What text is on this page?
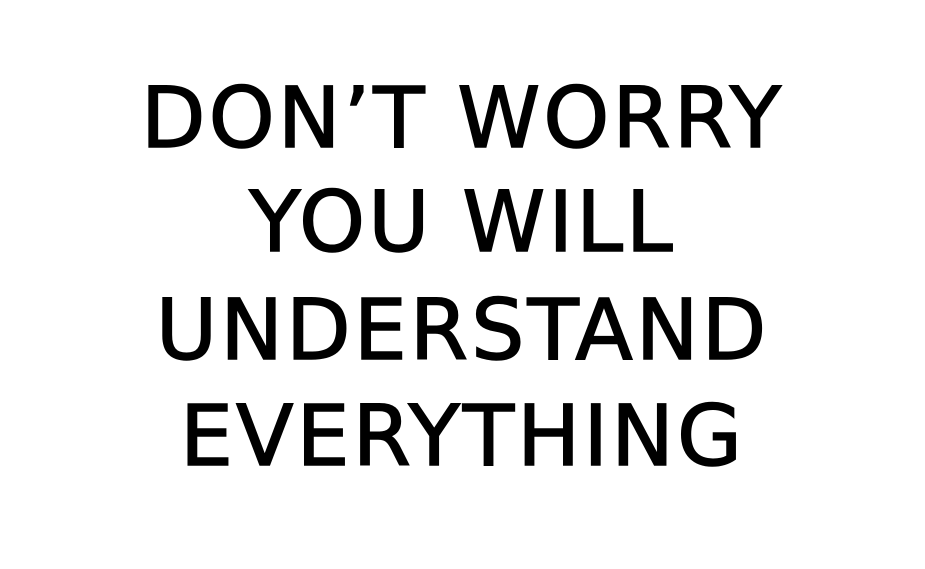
DON’T WORRY
YOU WILL
UNDERSTAND
EVERYTHING
